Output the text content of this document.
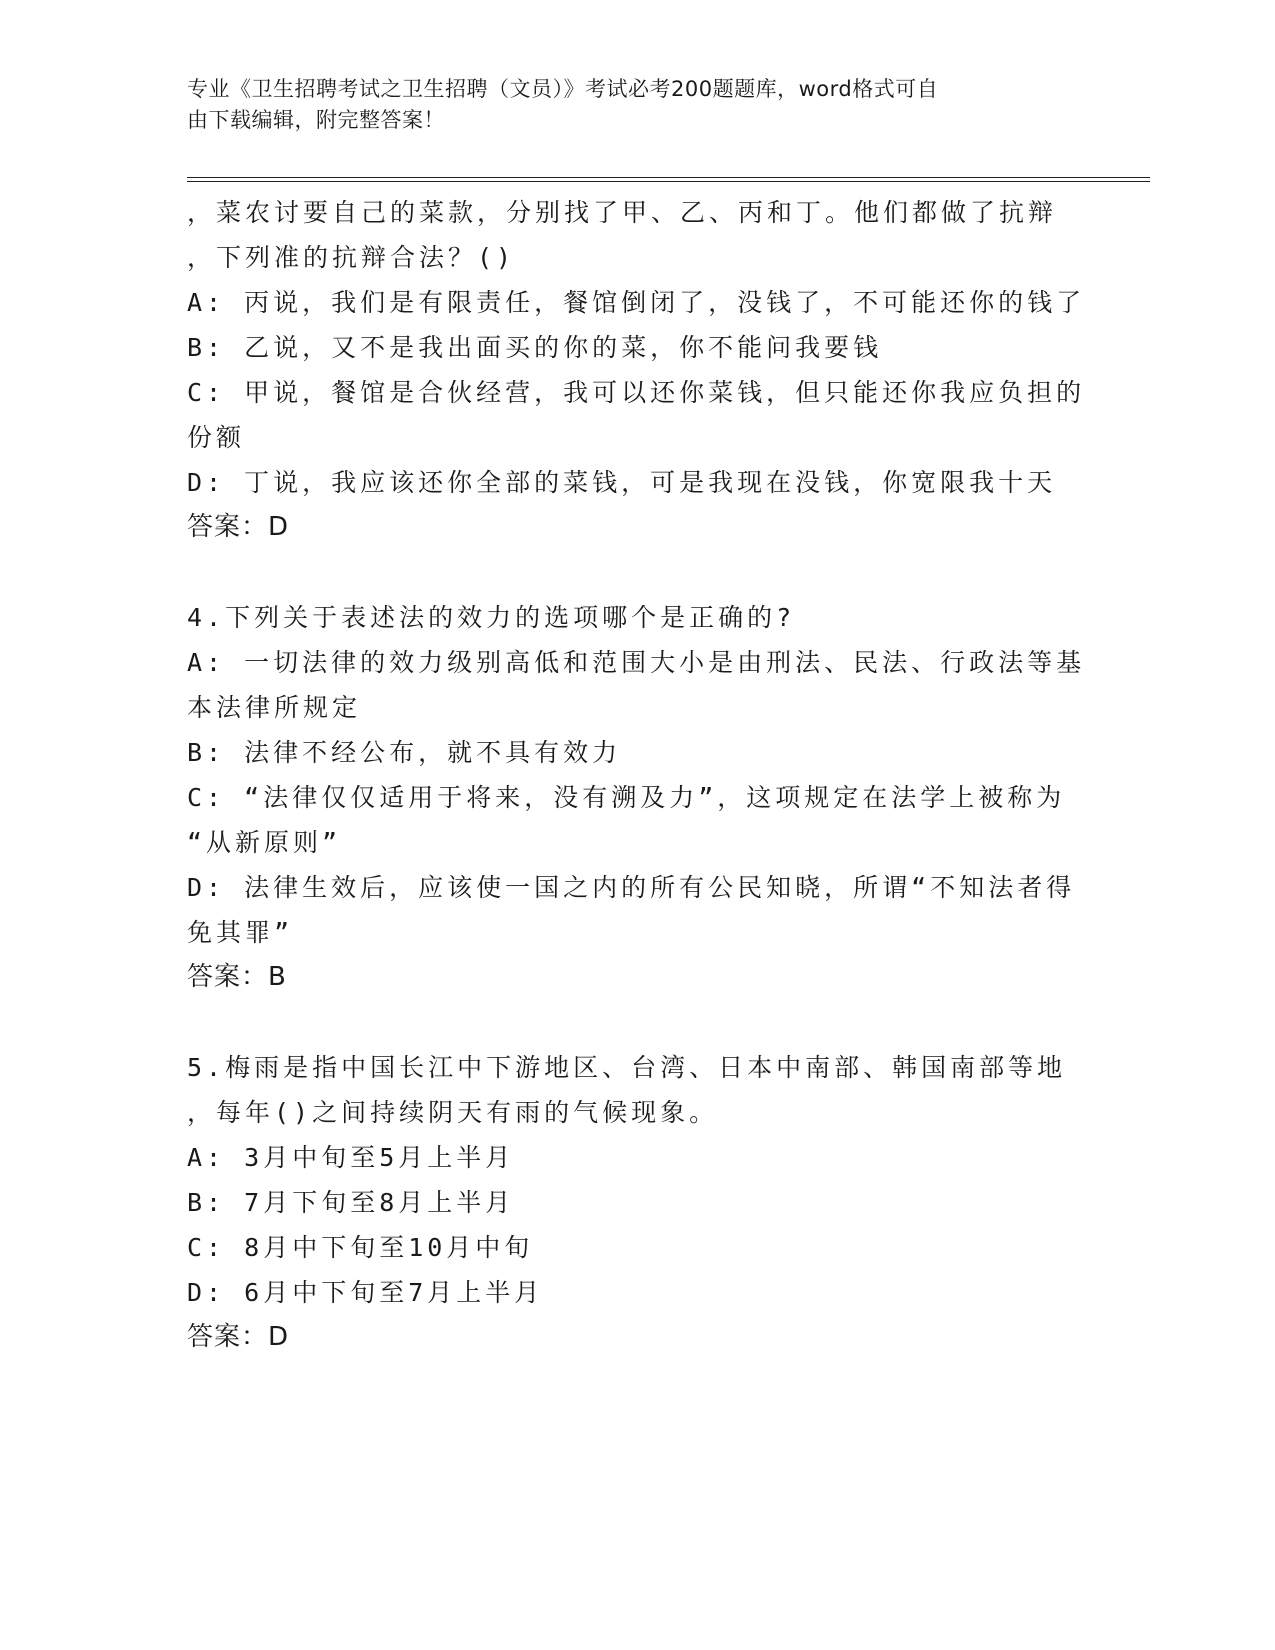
专业《卫生招聘考试之卫生招聘（文员）》考试必考200题题库，word格式可自
由下载编辑，附完整答案！
，菜农讨要自己的菜款，分别找了甲、乙、丙和丁。他们都做了抗辩
，下列准的抗辩合法？()
A: 丙说，我们是有限责任，餐馆倒闭了，没钱了，不可能还你的钱了
B: 乙说，又不是我出面买的你的菜，你不能问我要钱
C: 甲说，餐馆是合伙经营，我可以还你菜钱，但只能还你我应负担的
份额
D: 丁说，我应该还你全部的菜钱，可是我现在没钱，你宽限我十天
答案：D
4.下列关于表述法的效力的选项哪个是正确的?
A: 一切法律的效力级别高低和范围大小是由刑法、民法、行政法等基
本法律所规定
B: 法律不经公布，就不具有效力
C: “法律仅仅适用于将来，没有溯及力”，这项规定在法学上被称为
“从新原则”
D: 法律生效后，应该使一国之内的所有公民知晓，所谓“不知法者得
免其罪”
答案：B
5.梅雨是指中国长江中下游地区、台湾、日本中南部、韩国南部等地
，每年()之间持续阴天有雨的气候现象。
A: 3月中旬至5月上半月
B: 7月下旬至8月上半月
C: 8月中下旬至10月中旬
D: 6月中下旬至7月上半月
答案：D
